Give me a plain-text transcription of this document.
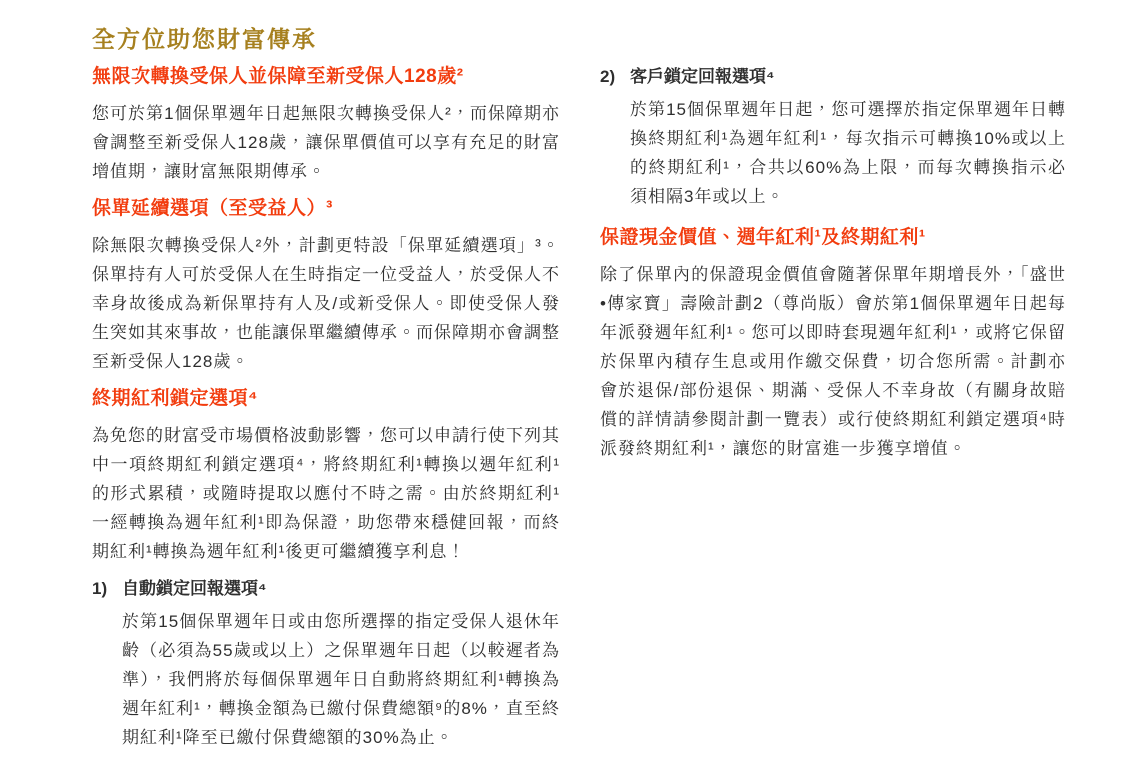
全方位助您財富傳承
無限次轉換受保人並保障至新受保人128歲²
您可於第1個保單週年日起無限次轉換受保人²，而保障期亦會調整至新受保人128歲，讓保單價值可以享有充足的財富增值期，讓財富無限期傳承。
保單延續選項（至受益人）³
除無限次轉換受保人²外，計劃更特設「保單延續選項」³。保單持有人可於受保人在生時指定一位受益人，於受保人不幸身故後成為新保單持有人及/或新受保人。即使受保人發生突如其來事故，也能讓保單繼續傳承。而保障期亦會調整至新受保人128歲。
終期紅利鎖定選項⁴
為免您的財富受市場價格波動影響，您可以申請行使下列其中一項終期紅利鎖定選項⁴，將終期紅利¹轉換以週年紅利¹的形式累積，或隨時提取以應付不時之需。由於終期紅利¹一經轉換為週年紅利¹即為保證，助您帶來穩健回報，而終期紅利¹轉換為週年紅利¹後更可繼續獲享利息！
1) 自動鎖定回報選項⁴
於第15個保單週年日或由您所選擇的指定受保人退休年齡（必須為55歲或以上）之保單週年日起（以較遲者為準），我們將於每個保單週年日自動將終期紅利¹轉換為週年紅利¹，轉換金額為已繳付保費總額⁹的8%，直至終期紅利¹降至已繳付保費總額的30%為止。
2) 客戶鎖定回報選項⁴
於第15個保單週年日起，您可選擇於指定保單週年日轉換終期紅利¹為週年紅利¹，每次指示可轉換10%或以上的終期紅利¹，合共以60%為上限，而每次轉換指示必須相隔3年或以上。
保證現金價值、週年紅利¹及終期紅利¹
除了保單內的保證現金價值會隨著保單年期增長外，「盛世•傳家寶」壽險計劃2（尊尚版）會於第1個保單週年日起每年派發週年紅利¹。您可以即時套現週年紅利¹，或將它保留於保單內積存生息或用作繳交保費，切合您所需。計劃亦會於退保/部份退保、期滿、受保人不幸身故（有關身故賠償的詳情請參閱計劃一覽表）或行使終期紅利鎖定選項⁴時派發終期紅利¹，讓您的財富進一步獲享增值。
